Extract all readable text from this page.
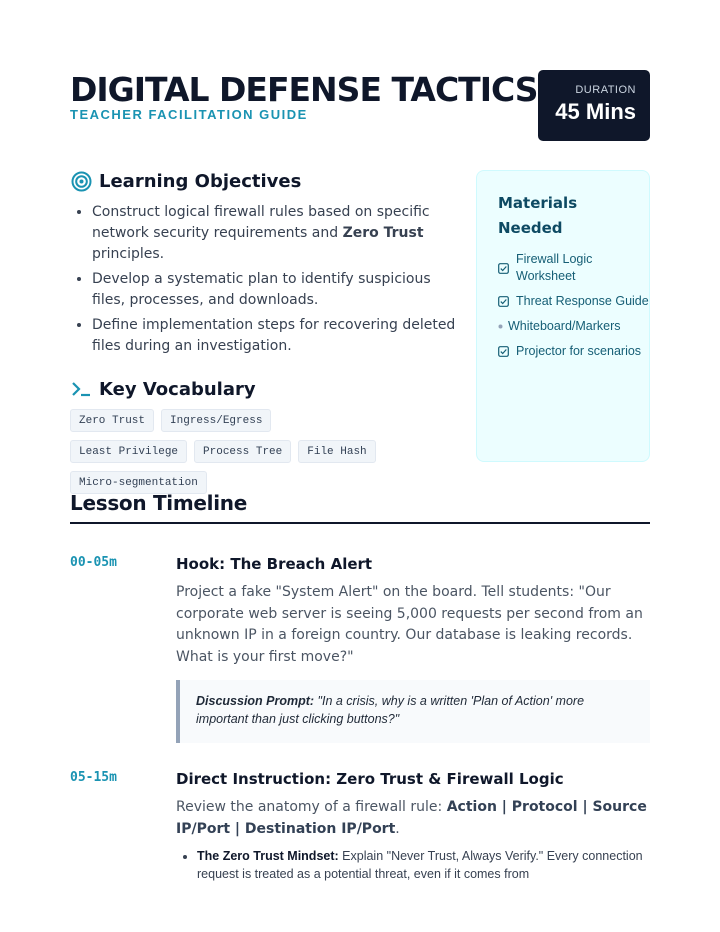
DIGITAL DEFENSE TACTICS
TEACHER FACILITATION GUIDE
DURATION
45 Mins
Learning Objectives
• Construct logical firewall rules based on specific network security requirements and Zero Trust principles.
• Develop a systematic plan to identify suspicious files, processes, and downloads.
• Define implementation steps for recovering deleted files during an investigation.
Key Vocabulary
Zero Trust	Ingress/Egress
Least Privilege	Process Tree	File Hash
Micro-segmentation
Materials Needed
Firewall Logic Worksheet
Threat Response Guide
Whiteboard/Markers
Projector for scenarios
Lesson Timeline
00-05m	Hook: The Breach Alert
Project a fake "System Alert" on the board. Tell students: "Our corporate web server is seeing 5,000 requests per second from an unknown IP in a foreign country. Our database is leaking records. What is your first move?"
Discussion Prompt: "In a crisis, why is a written 'Plan of Action' more important than just clicking buttons?"
05-15m	Direct Instruction: Zero Trust & Firewall Logic
Review the anatomy of a firewall rule: Action | Protocol | Source IP/Port | Destination IP/Port.
• The Zero Trust Mindset: Explain "Never Trust, Always Verify." Every connection request is treated as a potential threat, even if it comes from
